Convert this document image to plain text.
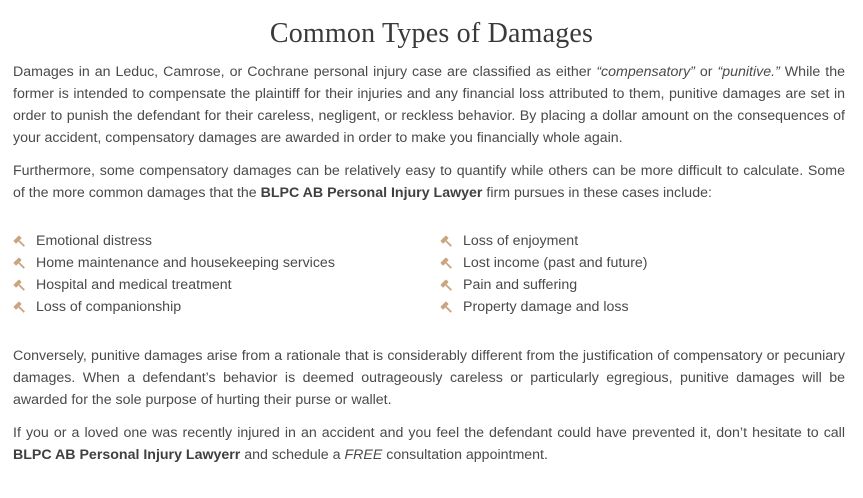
Common Types of Damages

Damages in an Leduc, Camrose, or Cochrane personal injury case are classified as either “compensatory” or “punitive.” While the former is intended to compensate the plaintiff for their injuries and any financial loss attributed to them, punitive damages are set in order to punish the defendant for their careless, negligent, or reckless behavior. By placing a dollar amount on the consequences of your accident, compensatory damages are awarded in order to make you financially whole again.

Furthermore, some compensatory damages can be relatively easy to quantify while others can be more difficult to calculate. Some of the more common damages that the BLPC AB Personal Injury Lawyer firm pursues in these cases include:

Emotional distress
Home maintenance and housekeeping services
Hospital and medical treatment
Loss of companionship
Loss of enjoyment
Lost income (past and future)
Pain and suffering
Property damage and loss

Conversely, punitive damages arise from a rationale that is considerably different from the justification of compensatory or pecuniary damages. When a defendant’s behavior is deemed outrageously careless or particularly egregious, punitive damages will be awarded for the sole purpose of hurting their purse or wallet.

If you or a loved one was recently injured in an accident and you feel the defendant could have prevented it, don’t hesitate to call BLPC AB Personal Injury Lawyerr and schedule a FREE consultation appointment.
